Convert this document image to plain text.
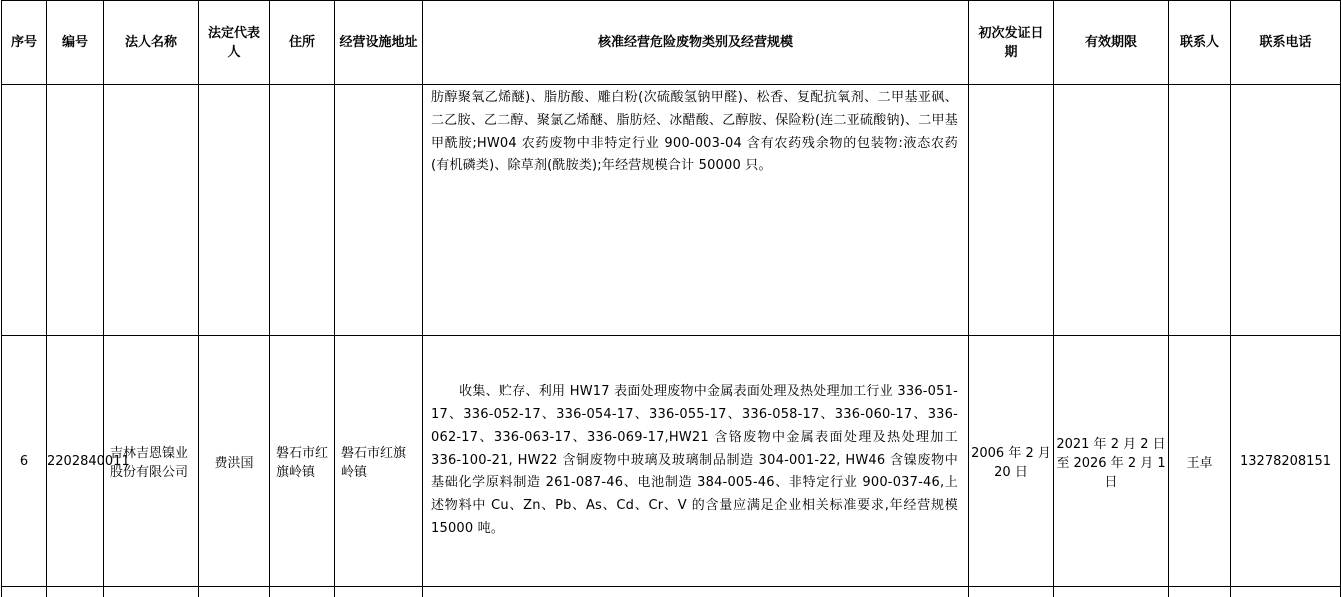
序号	编号	法人名称	法定代表人	住所	经营设施地址	核准经营危险废物类别及经营规模	初次发证日期	有效期限	联系人	联系电话
						肪醇聚氧乙烯醚)、脂肪酸、雕白粉(次硫酸氢钠甲醛)、松香、复配抗氧剂、二甲基亚砜、二乙胺、乙二醇、聚氯乙烯醚、脂肪烃、冰醋酸、乙醇胺、保险粉(连二亚硫酸钠)、二甲基甲酰胺;HW04 农药废物中非特定行业 900-003-04 含有农药残余物的包装物:液态农药(有机磷类)、除草剂(酰胺类);年经营规模合计 50000 只。				
6	2202840011	吉林吉恩镍业股份有限公司	费洪国	磐石市红旗岭镇	磐石市红旗岭镇	收集、贮存、利用 HW17 表面处理废物中金属表面处理及热处理加工行业 336-051-17、336-052-17、336-054-17、336-055-17、336-058-17、336-060-17、336-062-17、336-063-17、336-069-17,HW21 含铬废物中金属表面处理及热处理加工 336-100-21, HW22 含铜废物中玻璃及玻璃制品制造 304-001-22, HW46 含镍废物中基础化学原料制造 261-087-46、电池制造 384-005-46、非特定行业 900-037-46,上述物料中 Cu、Zn、Pb、As、Cd、Cr、V 的含量应满足企业相关标准要求,年经营规模 15000 吨。	2006 年 2 月 20 日	2021 年 2 月 2 日至 2026 年 2 月 1 日	王卓	13278208151
